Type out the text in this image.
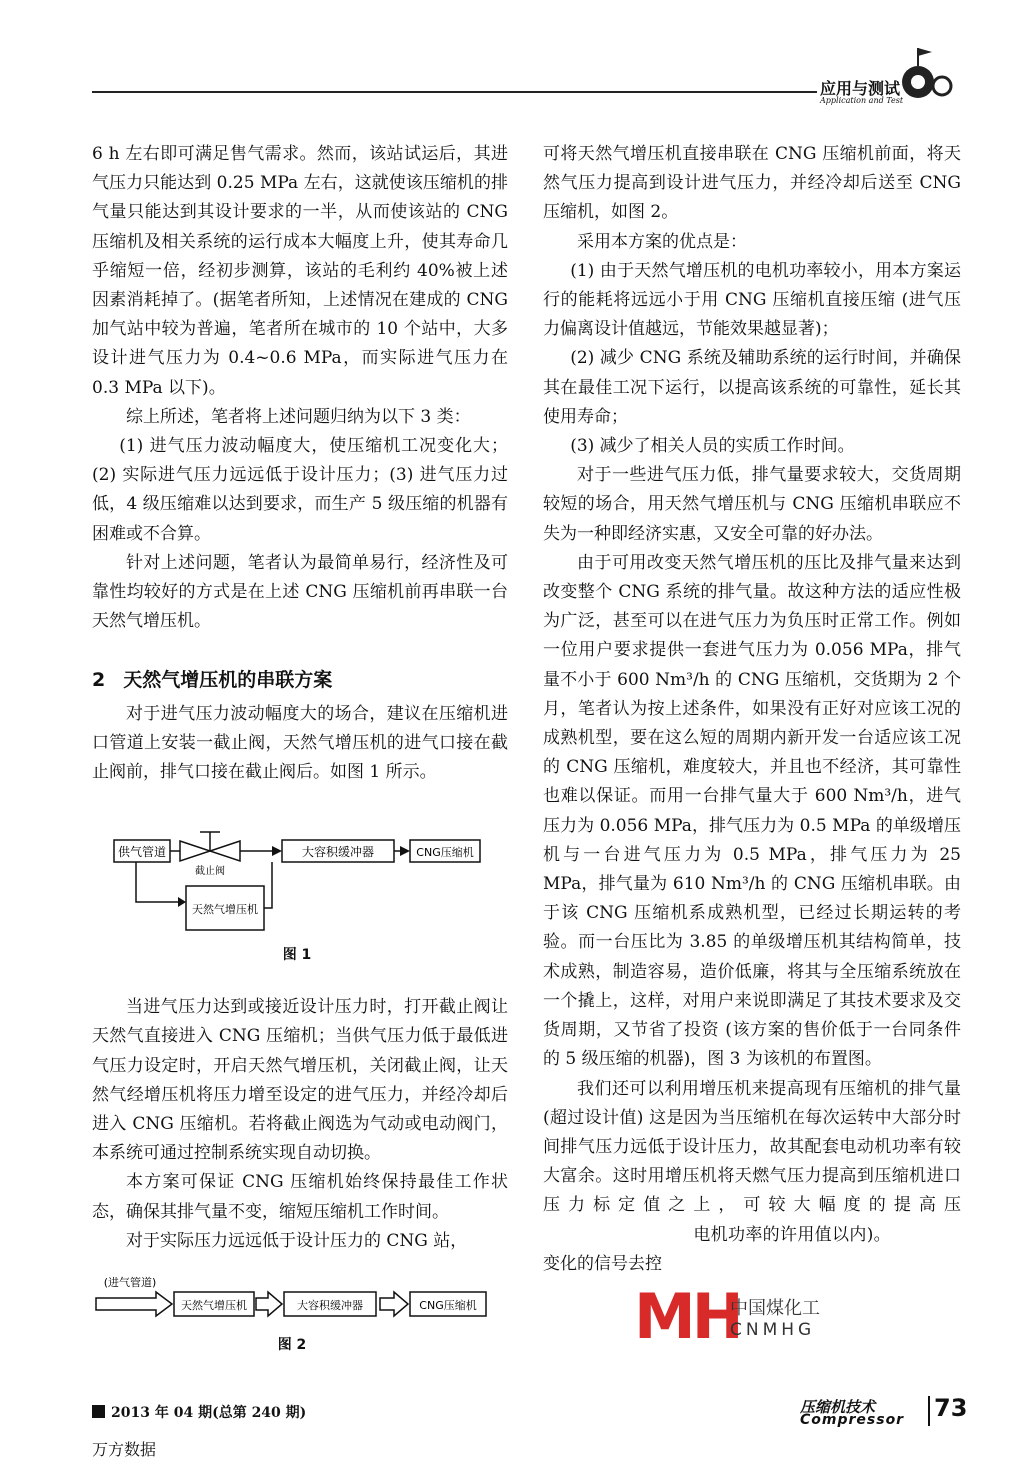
应用与测试
Application and Test

6 h 左右即可满足售气需求。然而，该站试运后，其进气压力只能达到 0.25 MPa 左右，这就使该压缩机的排气量只能达到其设计要求的一半，从而使该站的 CNG 压缩机及相关系统的运行成本大幅度上升，使其寿命几乎缩短一倍，经初步测算，该站的毛利约 40%被上述因素消耗掉了。(据笔者所知，上述情况在建成的 CNG 加气站中较为普遍，笔者所在城市的 10 个站中，大多设计进气压力为 0.4~0.6 MPa，而实际进气压力在 0.3 MPa 以下)。

综上所述，笔者将上述问题归纳为以下 3 类：

(1) 进气压力波动幅度大，使压缩机工况变化大；(2) 实际进气压力远远低于设计压力；(3) 进气压力过低，4 级压缩难以达到要求，而生产 5 级压缩的机器有困难或不合算。

针对上述问题，笔者认为最简单易行，经济性及可靠性均较好的方式是在上述 CNG 压缩机前再串联一台天然气增压机。

2 天然气增压机的串联方案

对于进气压力波动幅度大的场合，建议在压缩机进口管道上安装一截止阀，天然气增压机的进气口接在截止阀前，排气口接在截止阀后。如图 1 所示。

当进气压力达到或接近设计压力时，打开截止阀让天然气直接进入 CNG 压缩机；当供气压力低于最低进气压力设定时，开启天然气增压机，关闭截止阀，让天然气经增压机将压力增至设定的进气压力，并经冷却后进入 CNG 压缩机。若将截止阀选为气动或电动阀门，本系统可通过控制系统实现自动切换。

本方案可保证 CNG 压缩机始终保持最佳工作状态，确保其排气量不变，缩短压缩机工作时间。

对于实际压力远远低于设计压力的 CNG 站，

供气管道
截止阀
大容积缓冲器	CNG压缩机
天然气增压机
图 1
(进气管道)
天然气增压机	大容积缓冲器	CNG压缩机
图 2

可将天然气增压机直接串联在 CNG 压缩机前面，将天然气压力提高到设计进气压力，并经冷却后送至 CNG 压缩机，如图 2。

采用本方案的优点是：

(1) 由于天然气增压机的电机功率较小，用本方案运行的能耗将远远小于用 CNG 压缩机直接压缩 (进气压力偏离设计值越远，节能效果越显著)；

(2) 减少 CNG 系统及辅助系统的运行时间，并确保其在最佳工况下运行，以提高该系统的可靠性，延长其使用寿命；

(3) 减少了相关人员的实质工作时间。

对于一些进气压力低，排气量要求较大，交货周期较短的场合，用天然气增压机与 CNG 压缩机串联应不失为一种即经济实惠，又安全可靠的好办法。

由于可用改变天然气增压机的压比及排气量来达到改变整个 CNG 系统的排气量。故这种方法的适应性极为广泛，甚至可以在进气压力为负压时正常工作。例如一位用户要求提供一套进气压力为 0.056 MPa，排气量不小于 600 Nm³/h 的 CNG 压缩机，交货期为 2 个月，笔者认为按上述条件，如果没有正好对应该工况的成熟机型，要在这么短的周期内新开发一台适应该工况的 CNG 压缩机，难度较大，并且也不经济，其可靠性也难以保证。而用一台排气量大于 600 Nm³/h，进气压力为 0.056 MPa，排气压力为 0.5 MPa 的单级增压机与一台进气压力为 0.5 MPa，排气压力为 25 MPa，排气量为 610 Nm³/h 的 CNG 压缩机串联。由于该 CNG 压缩机系成熟机型，已经过长期运转的考验。而一台压比为 3.85 的单级增压机其结构简单，技术成熟，制造容易，造价低廉，将其与全压缩系统放在一个撬上，这样，对用户来说即满足了其技术要求及交货周期，又节省了投资 (该方案的售价低于一台同条件的 5 级压缩的机器)，图 3 为该机的布置图。

我们还可以利用增压机来提高现有压缩机的排气量 (超过设计值) 这是因为当压缩机在每次运转中大部分时间排气压力远低于设计压力，故其配套电动机功率有较大富余。这时用增压机将天燃气压力提高到压缩机进口压力标定值之上，可较大幅度的提高压电机功率的许用值以内)。变化的信号去控

MH
中国煤化工
CNMHG
2013 年 04 期(总第 240 期)
万方数据
压缩机技术
Compressor 73
